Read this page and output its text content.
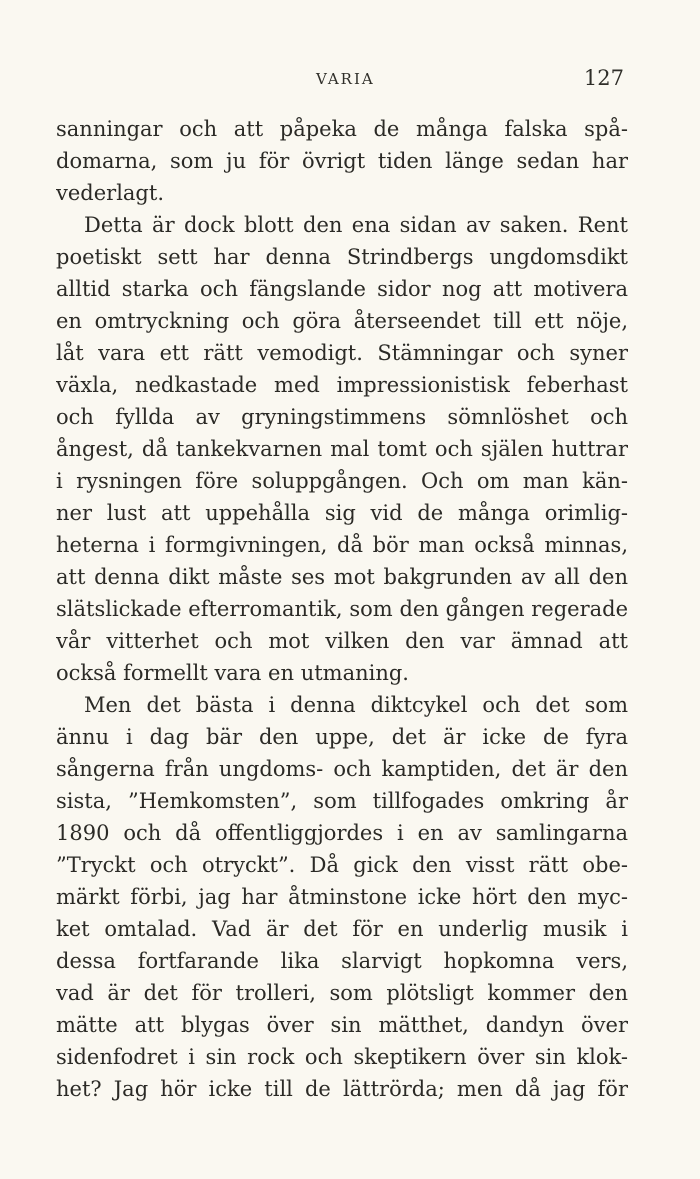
VARIA	127
sanningar och att påpeka de många falska spå-
domarna, som ju för övrigt tiden länge sedan har
vederlagt.
Detta är dock blott den ena sidan av saken. Rent
poetiskt sett har denna Strindbergs ungdomsdikt
alltid starka och fängslande sidor nog att motivera
en omtryckning och göra återseendet till ett nöje,
låt vara ett rätt vemodigt. Stämningar och syner
växla, nedkastade med impressionistisk feberhast
och fyllda av gryningstimmens sömnlöshet och
ångest, då tankekvarnen mal tomt och själen huttrar
i rysningen före soluppgången. Och om man kän-
ner lust att uppehålla sig vid de många orimlig-
heterna i formgivningen, då bör man också minnas,
att denna dikt måste ses mot bakgrunden av all den
slätslickade efterromantik, som den gången regerade
vår vitterhet och mot vilken den var ämnad att
också formellt vara en utmaning.
Men det bästa i denna diktcykel och det som
ännu i dag bär den uppe, det är icke de fyra
sångerna från ungdoms- och kamptiden, det är den
sista, ”Hemkomsten”, som tillfogades omkring år
1890 och då offentliggjordes i en av samlingarna
”Tryckt och otryckt”. Då gick den visst rätt obe-
märkt förbi, jag har åtminstone icke hört den myc-
ket omtalad. Vad är det för en underlig musik i
dessa fortfarande lika slarvigt hopkomna vers,
vad är det för trolleri, som plötsligt kommer den
mätte att blygas över sin mätthet, dandyn över
sidenfodret i sin rock och skeptikern över sin klok-
het? Jag hör icke till de lättrörda; men då jag för
